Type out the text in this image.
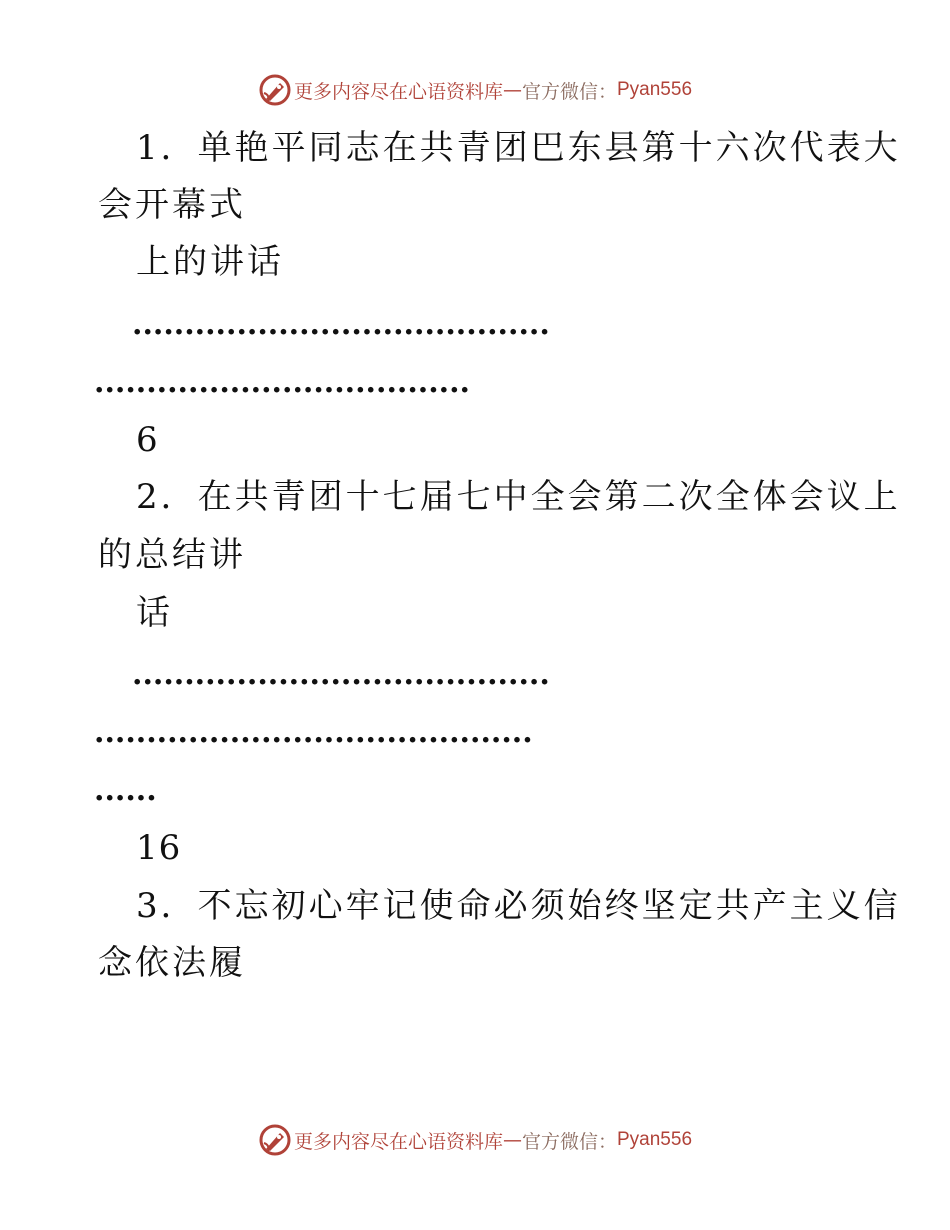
更多内容尽在心语资料库 — 官方微信： Pyan556
1．单艳平同志在共青团巴东县第十六次代表大
会开幕式
上的讲话
........................................
....................................
6
2．在共青团十七届七中全会第二次全体会议上
的总结讲
话
........................................
..........................................
......
16
3．不忘初心牢记使命必须始终坚定共产主义信
念依法履
更多内容尽在心语资料库 — 官方微信： Pyan556
